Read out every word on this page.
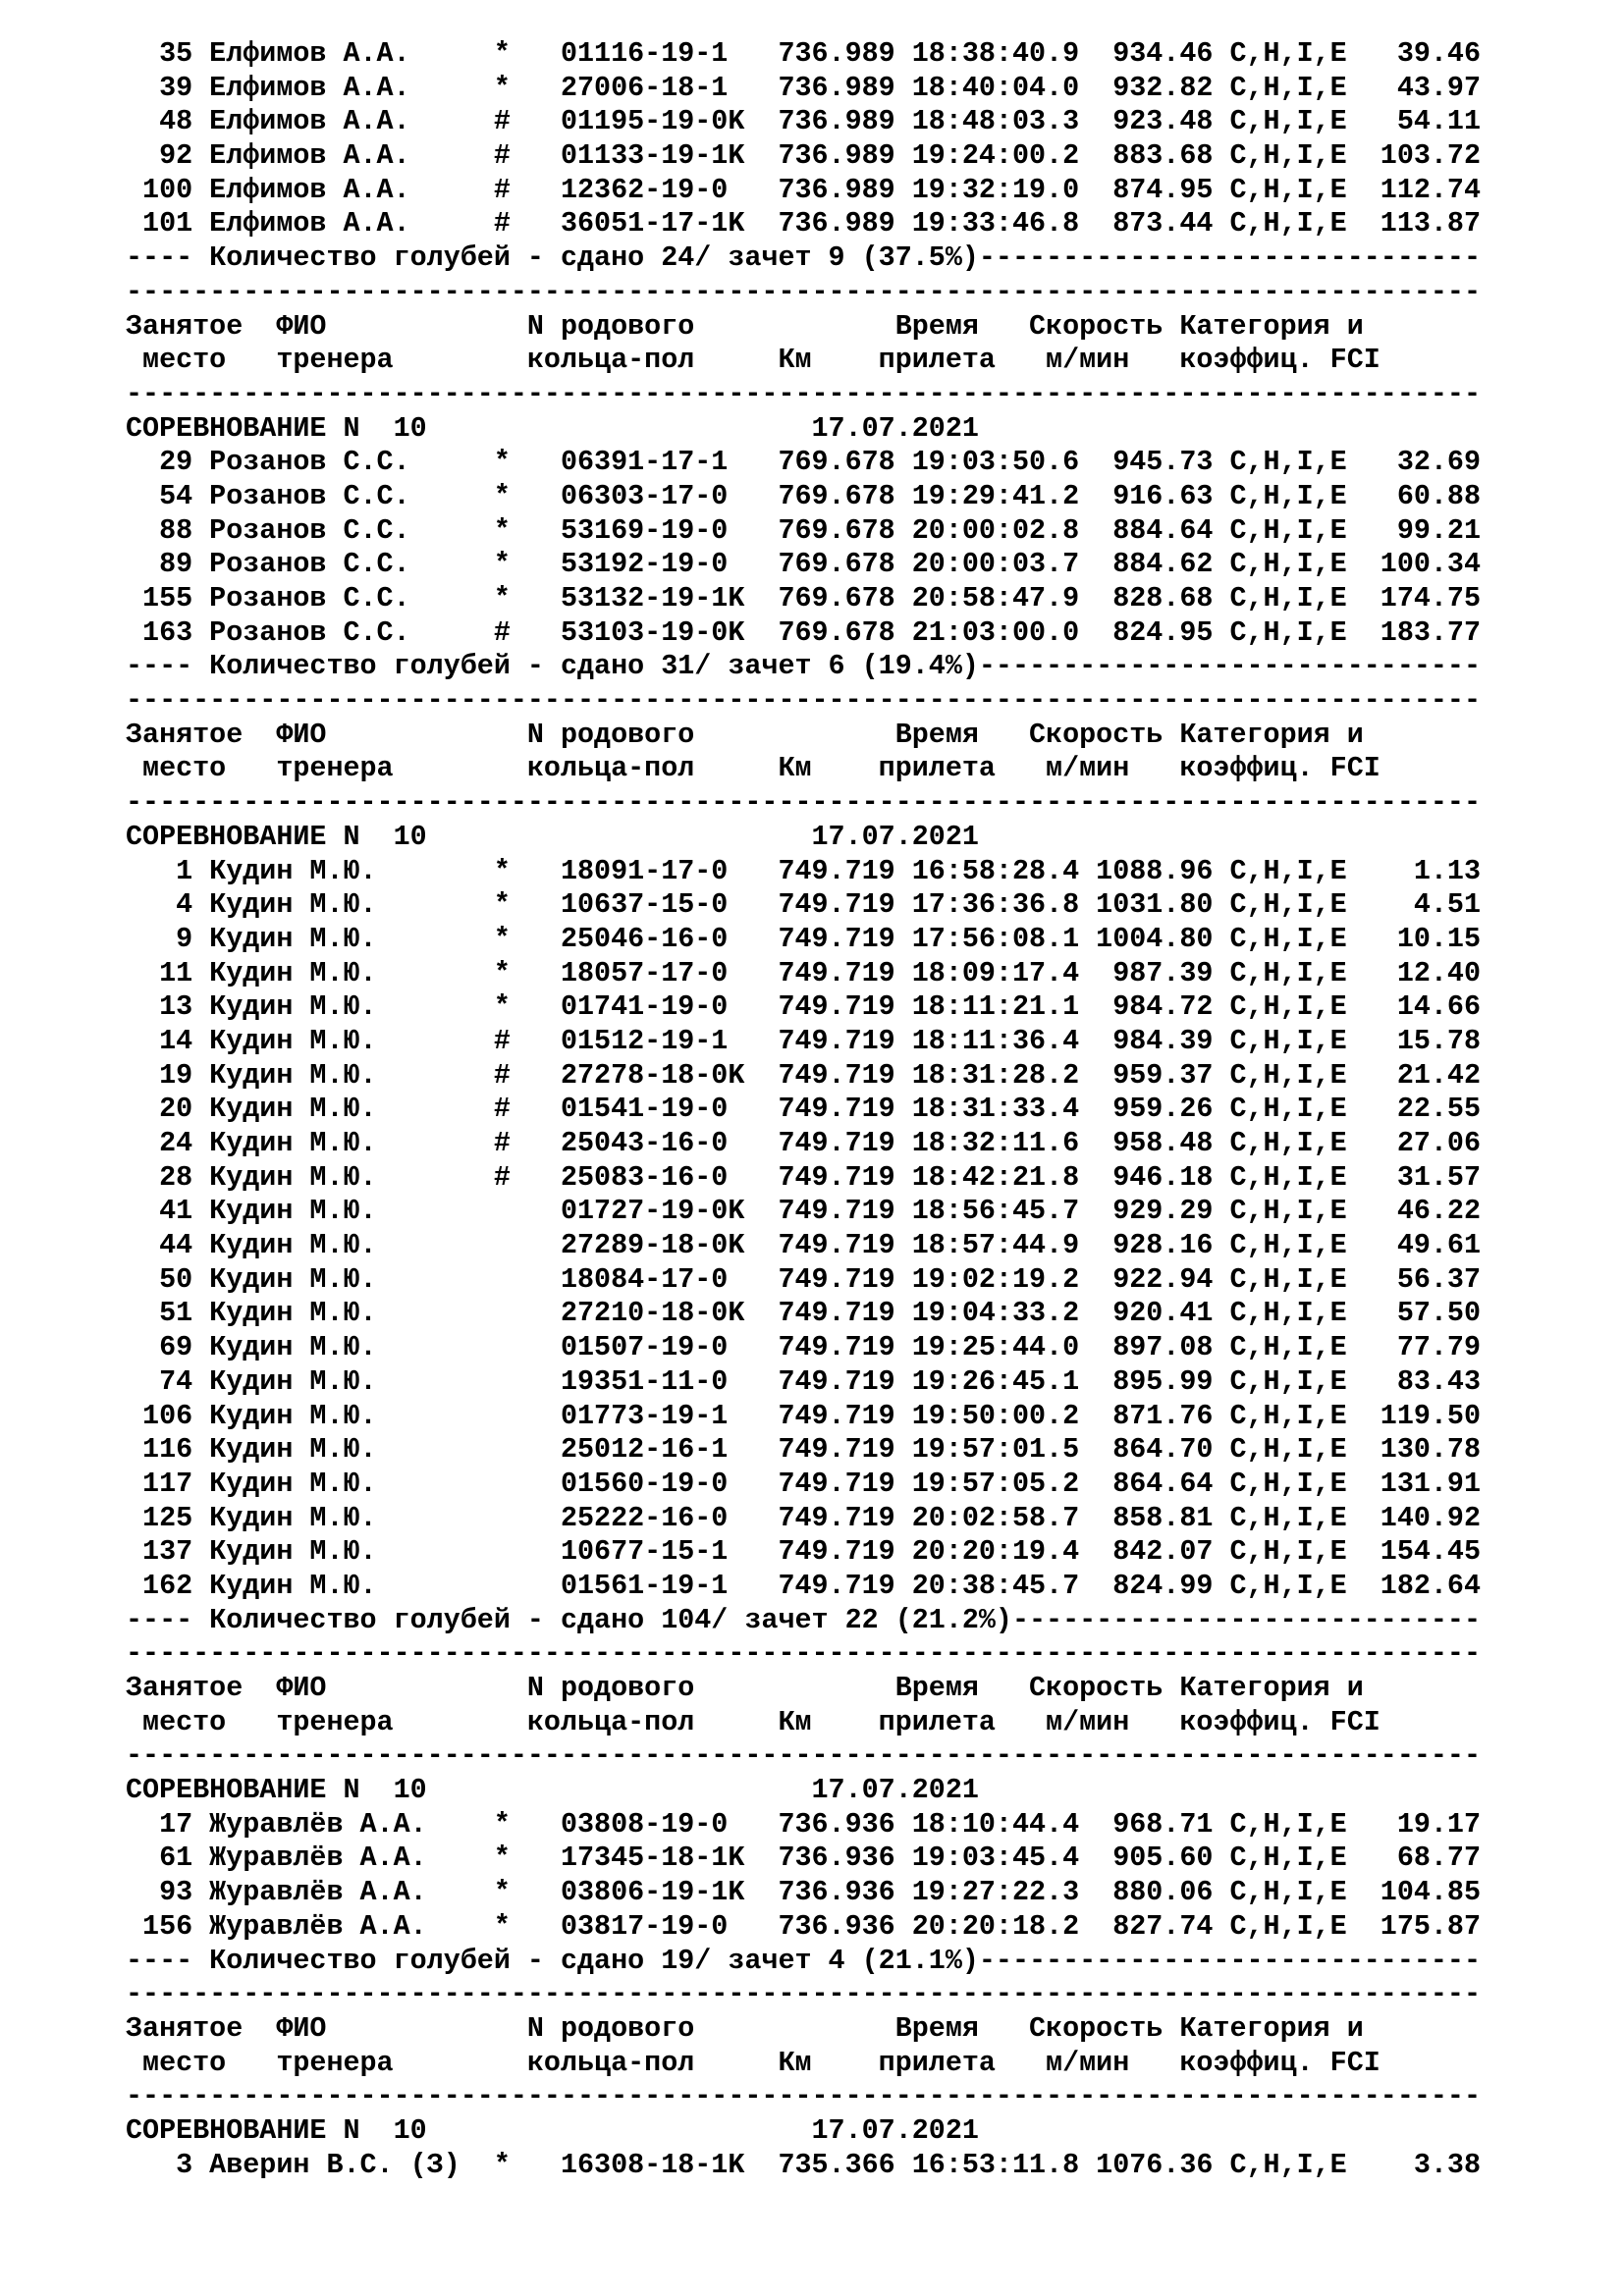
35 Елфимов А.А.     *   01116-19-1   736.989 18:38:40.9  934.46 C,H,I,E   39.46
39 Елфимов А.А.     *   27006-18-1   736.989 18:40:04.0  932.82 C,H,I,E   43.97
48 Елфимов А.А.     #   01195-19-0K  736.989 18:48:03.3  923.48 C,H,I,E   54.11
92 Елфимов А.А.     #   01133-19-1K  736.989 19:24:00.2  883.68 C,H,I,E  103.72
100 Елфимов А.А.     #   12362-19-0   736.989 19:32:19.0  874.95 C,H,I,E  112.74
101 Елфимов А.А.     #   36051-17-1K  736.989 19:33:46.8  873.44 C,H,I,E  113.87
---- Количество голубей - сдано 24/ зачет 9 (37.5%)------------------------------
---------------------------------------------------------------------------------
Занятое  ФИО            N родового            Время   Скорость Категория и
место   тренера        кольца-пол     Км    прилета   м/мин   коэффиц. FCI
---------------------------------------------------------------------------------
СОРЕВНОВАНИЕ N  10                       17.07.2021
29 Розанов С.С.     *   06391-17-1   769.678 19:03:50.6  945.73 C,H,I,E   32.69
54 Розанов С.С.     *   06303-17-0   769.678 19:29:41.2  916.63 C,H,I,E   60.88
88 Розанов С.С.     *   53169-19-0   769.678 20:00:02.8  884.64 C,H,I,E   99.21
89 Розанов С.С.     *   53192-19-0   769.678 20:00:03.7  884.62 C,H,I,E  100.34
155 Розанов С.С.     *   53132-19-1K  769.678 20:58:47.9  828.68 C,H,I,E  174.75
163 Розанов С.С.     #   53103-19-0K  769.678 21:03:00.0  824.95 C,H,I,E  183.77
---- Количество голубей - сдано 31/ зачет 6 (19.4%)------------------------------
---------------------------------------------------------------------------------
Занятое  ФИО            N родового            Время   Скорость Категория и
место   тренера        кольца-пол     Км    прилета   м/мин   коэффиц. FCI
---------------------------------------------------------------------------------
СОРЕВНОВАНИЕ N  10                       17.07.2021
1 Кудин М.Ю.       *   18091-17-0   749.719 16:58:28.4 1088.96 C,H,I,E    1.13
4 Кудин М.Ю.       *   10637-15-0   749.719 17:36:36.8 1031.80 C,H,I,E    4.51
9 Кудин М.Ю.       *   25046-16-0   749.719 17:56:08.1 1004.80 C,H,I,E   10.15
11 Кудин М.Ю.       *   18057-17-0   749.719 18:09:17.4  987.39 C,H,I,E   12.40
13 Кудин М.Ю.       *   01741-19-0   749.719 18:11:21.1  984.72 C,H,I,E   14.66
14 Кудин М.Ю.       #   01512-19-1   749.719 18:11:36.4  984.39 C,H,I,E   15.78
19 Кудин М.Ю.       #   27278-18-0K  749.719 18:31:28.2  959.37 C,H,I,E   21.42
20 Кудин М.Ю.       #   01541-19-0   749.719 18:31:33.4  959.26 C,H,I,E   22.55
24 Кудин М.Ю.       #   25043-16-0   749.719 18:32:11.6  958.48 C,H,I,E   27.06
28 Кудин М.Ю.       #   25083-16-0   749.719 18:42:21.8  946.18 C,H,I,E   31.57
41 Кудин М.Ю.           01727-19-0K  749.719 18:56:45.7  929.29 C,H,I,E   46.22
44 Кудин М.Ю.           27289-18-0K  749.719 18:57:44.9  928.16 C,H,I,E   49.61
50 Кудин М.Ю.           18084-17-0   749.719 19:02:19.2  922.94 C,H,I,E   56.37
51 Кудин М.Ю.           27210-18-0K  749.719 19:04:33.2  920.41 C,H,I,E   57.50
69 Кудин М.Ю.           01507-19-0   749.719 19:25:44.0  897.08 C,H,I,E   77.79
74 Кудин М.Ю.           19351-11-0   749.719 19:26:45.1  895.99 C,H,I,E   83.43
106 Кудин М.Ю.           01773-19-1   749.719 19:50:00.2  871.76 C,H,I,E  119.50
116 Кудин М.Ю.           25012-16-1   749.719 19:57:01.5  864.70 C,H,I,E  130.78
117 Кудин М.Ю.           01560-19-0   749.719 19:57:05.2  864.64 C,H,I,E  131.91
125 Кудин М.Ю.           25222-16-0   749.719 20:02:58.7  858.81 C,H,I,E  140.92
137 Кудин М.Ю.           10677-15-1   749.719 20:20:19.4  842.07 C,H,I,E  154.45
162 Кудин М.Ю.           01561-19-1   749.719 20:38:45.7  824.99 C,H,I,E  182.64
---- Количество голубей - сдано 104/ зачет 22 (21.2%)----------------------------
---------------------------------------------------------------------------------
Занятое  ФИО            N родового            Время   Скорость Категория и
место   тренера        кольца-пол     Км    прилета   м/мин   коэффиц. FCI
---------------------------------------------------------------------------------
СОРЕВНОВАНИЕ N  10                       17.07.2021
17 Журавлёв А.А.    *   03808-19-0   736.936 18:10:44.4  968.71 C,H,I,E   19.17
61 Журавлёв А.А.    *   17345-18-1K  736.936 19:03:45.4  905.60 C,H,I,E   68.77
93 Журавлёв А.А.    *   03806-19-1K  736.936 19:27:22.3  880.06 C,H,I,E  104.85
156 Журавлёв А.А.    *   03817-19-0   736.936 20:20:18.2  827.74 C,H,I,E  175.87
---- Количество голубей - сдано 19/ зачет 4 (21.1%)------------------------------
---------------------------------------------------------------------------------
Занятое  ФИО            N родового            Время   Скорость Категория и
место   тренера        кольца-пол     Км    прилета   м/мин   коэффиц. FCI
---------------------------------------------------------------------------------
СОРЕВНОВАНИЕ N  10                       17.07.2021
3 Аверин В.С. (З)  *   16308-18-1K  735.366 16:53:11.8 1076.36 C,H,I,E    3.38
